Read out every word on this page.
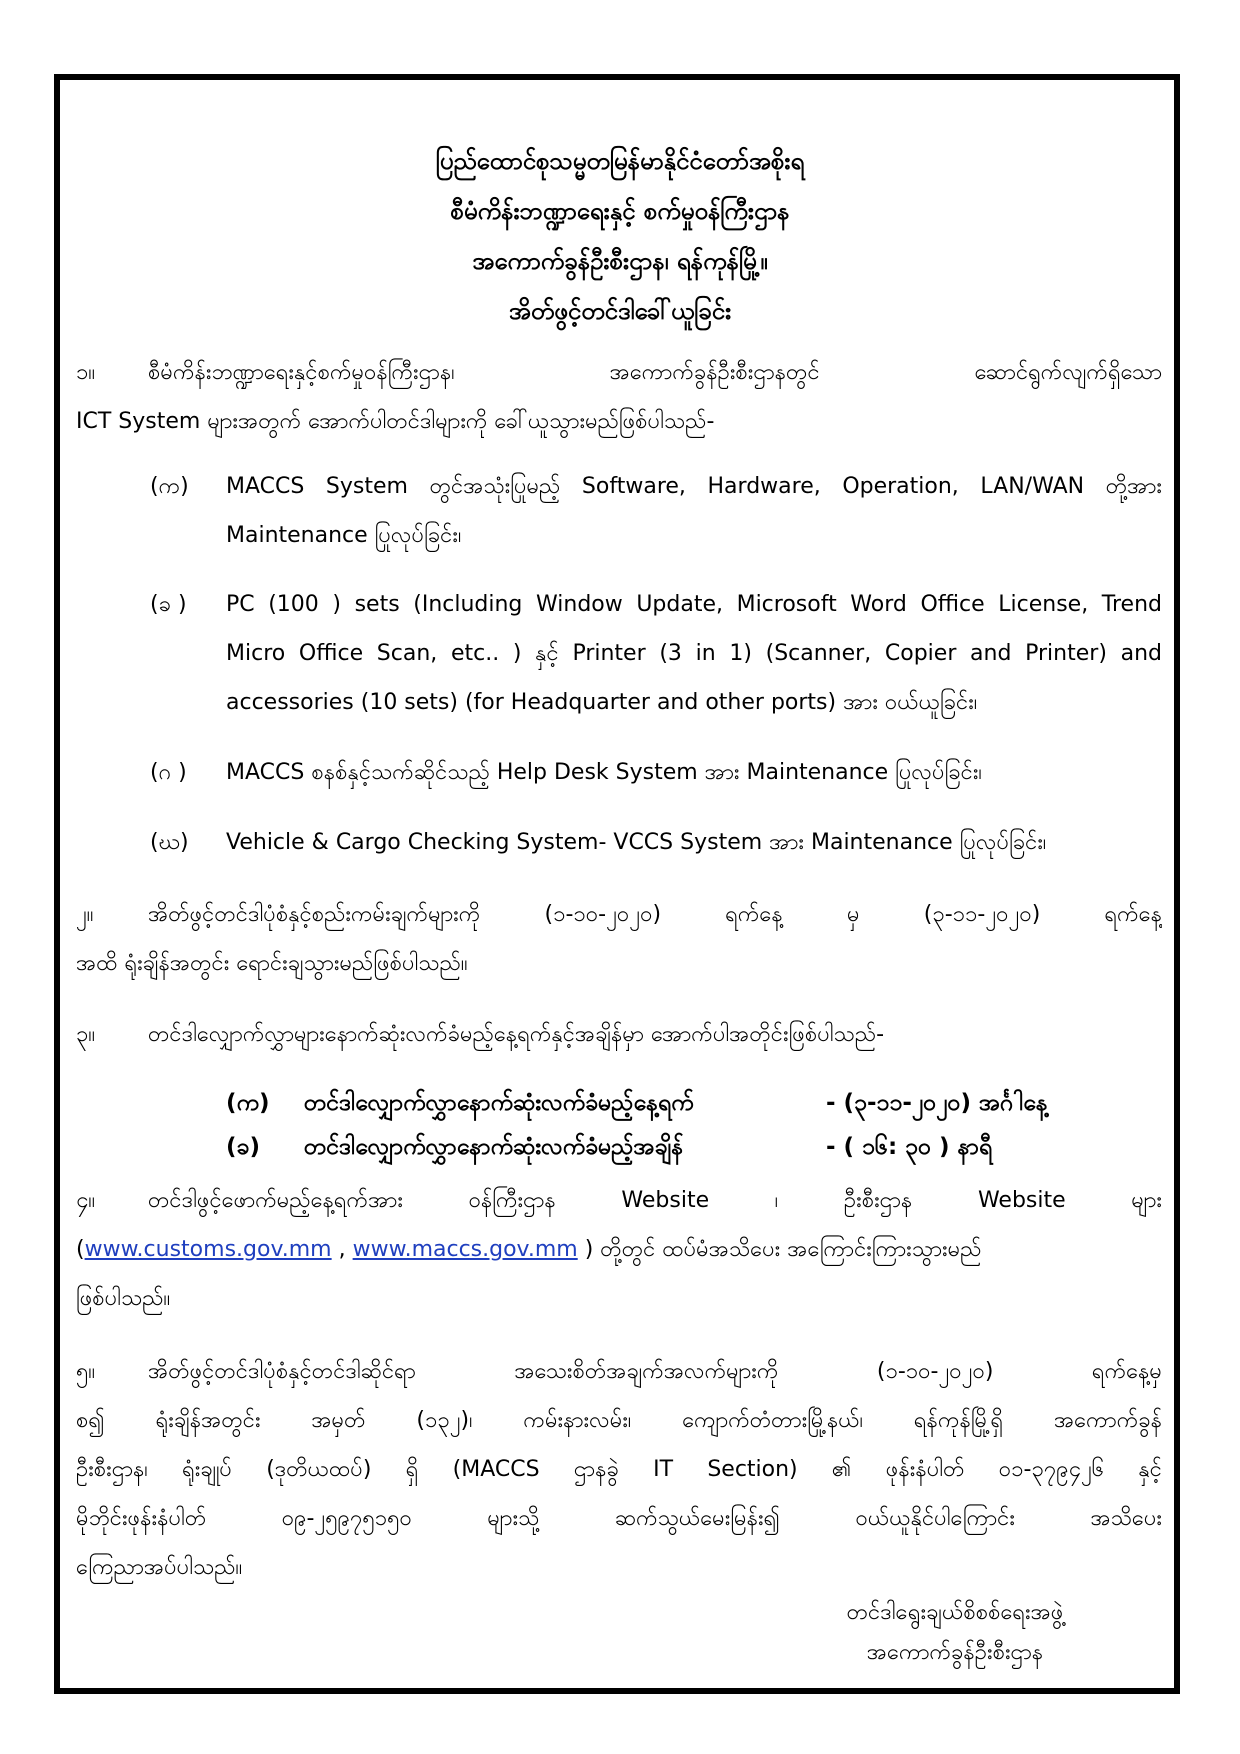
ပြည်ထောင်စုသမ္မတမြန်မာနိုင်ငံတော်အစိုးရ
စီမံကိန်းဘဏ္ဍာရေးနှင့် စက်မှုဝန်ကြီးဌာန
အကောက်ခွန်ဦးစီးဌာန၊ ရန်ကုန်မြို့။
အိတ်ဖွင့်တင်ဒါခေါ်ယူခြင်း
၁။ စီမံကိန်းဘဏ္ဍာရေးနှင့်စက်မှုဝန်ကြီးဌာန၊ အကောက်ခွန်ဦးစီးဌာနတွင် ဆောင်ရွက်လျက်ရှိသော
ICT System များအတွက် အောက်ပါတင်ဒါများကို ခေါ်ယူသွားမည်ဖြစ်ပါသည်-
(က)	MACCS System တွင်အသုံးပြုမည့် Software, Hardware, Operation, LAN/WAN တို့အား
Maintenance ပြုလုပ်ခြင်း၊
(ခ )	PC (100 ) sets (Including Window Update, Microsoft Word Office License, Trend
Micro Office Scan, etc.. ) နှင့် Printer (3 in 1) (Scanner, Copier and Printer) and
accessories (10 sets) (for Headquarter and other ports) အား ဝယ်ယူခြင်း၊
(ဂ )	MACCS စနစ်နှင့်သက်ဆိုင်သည့် Help Desk System အား Maintenance ပြုလုပ်ခြင်း၊
(ဃ)	Vehicle & Cargo Checking System- VCCS System အား Maintenance ပြုလုပ်ခြင်း၊
၂။ အိတ်ဖွင့်တင်ဒါပုံစံနှင့်စည်းကမ်းချက်များကို (၁-၁၀-၂၀၂၀) ရက်နေ့ မှ (၃-၁၁-၂၀၂၀) ရက်နေ့
အထိ ရုံးချိန်အတွင်း ရောင်းချသွားမည်ဖြစ်ပါသည်။
၃။ တင်ဒါလျှောက်လွှာများနောက်ဆုံးလက်ခံမည့်နေ့ရက်နှင့်အချိန်မှာ အောက်ပါအတိုင်းဖြစ်ပါသည်-
(က) တင်ဒါလျှောက်လွှာနောက်ဆုံးလက်ခံမည့်နေ့ရက်	- (၃-၁၁-၂၀၂၀) အင်္ဂါနေ့
(ခ) တင်ဒါလျှောက်လွှာနောက်ဆုံးလက်ခံမည့်အချိန်	- ( ၁၆: ၃၀ ) နာရီ
၄။ တင်ဒါဖွင့်ဖောက်မည့်နေ့ရက်အား ဝန်ကြီးဌာန Website ၊ ဦးစီးဌာန Website များ
(www.customs.gov.mm , www.maccs.gov.mm ) တို့တွင် ထပ်မံအသိပေး အကြောင်းကြားသွားမည်
ဖြစ်ပါသည်။
၅။ အိတ်ဖွင့်တင်ဒါပုံစံနှင့်တင်ဒါဆိုင်ရာ အသေးစိတ်အချက်အလက်များကို (၁-၁၀-၂၀၂၀) ရက်နေ့မှ
စ၍ ရုံးချိန်အတွင်း အမှတ် (၁၃၂)၊ ကမ်းနားလမ်း၊ ကျောက်တံတားမြို့နယ်၊ ရန်ကုန်မြို့ရှိ အကောက်ခွန်
ဦးစီးဌာန၊ ရုံးချုပ် (ဒုတိယထပ်) ရှိ (MACCS ဌာနခွဲ IT Section) ၏ ဖုန်းနံပါတ် ၀၁-၃၇၉၄၂၆ နှင့်
မိုဘိုင်းဖုန်းနံပါတ် ၀၉-၂၅၉၇၅၁၅၀ များသို့ ဆက်သွယ်မေးမြန်း၍ ဝယ်ယူနိုင်ပါကြောင်း အသိပေး
ကြေညာအပ်ပါသည်။
တင်ဒါရွေးချယ်စိစစ်ရေးအဖွဲ့
အကောက်ခွန်ဦးစီးဌာန
